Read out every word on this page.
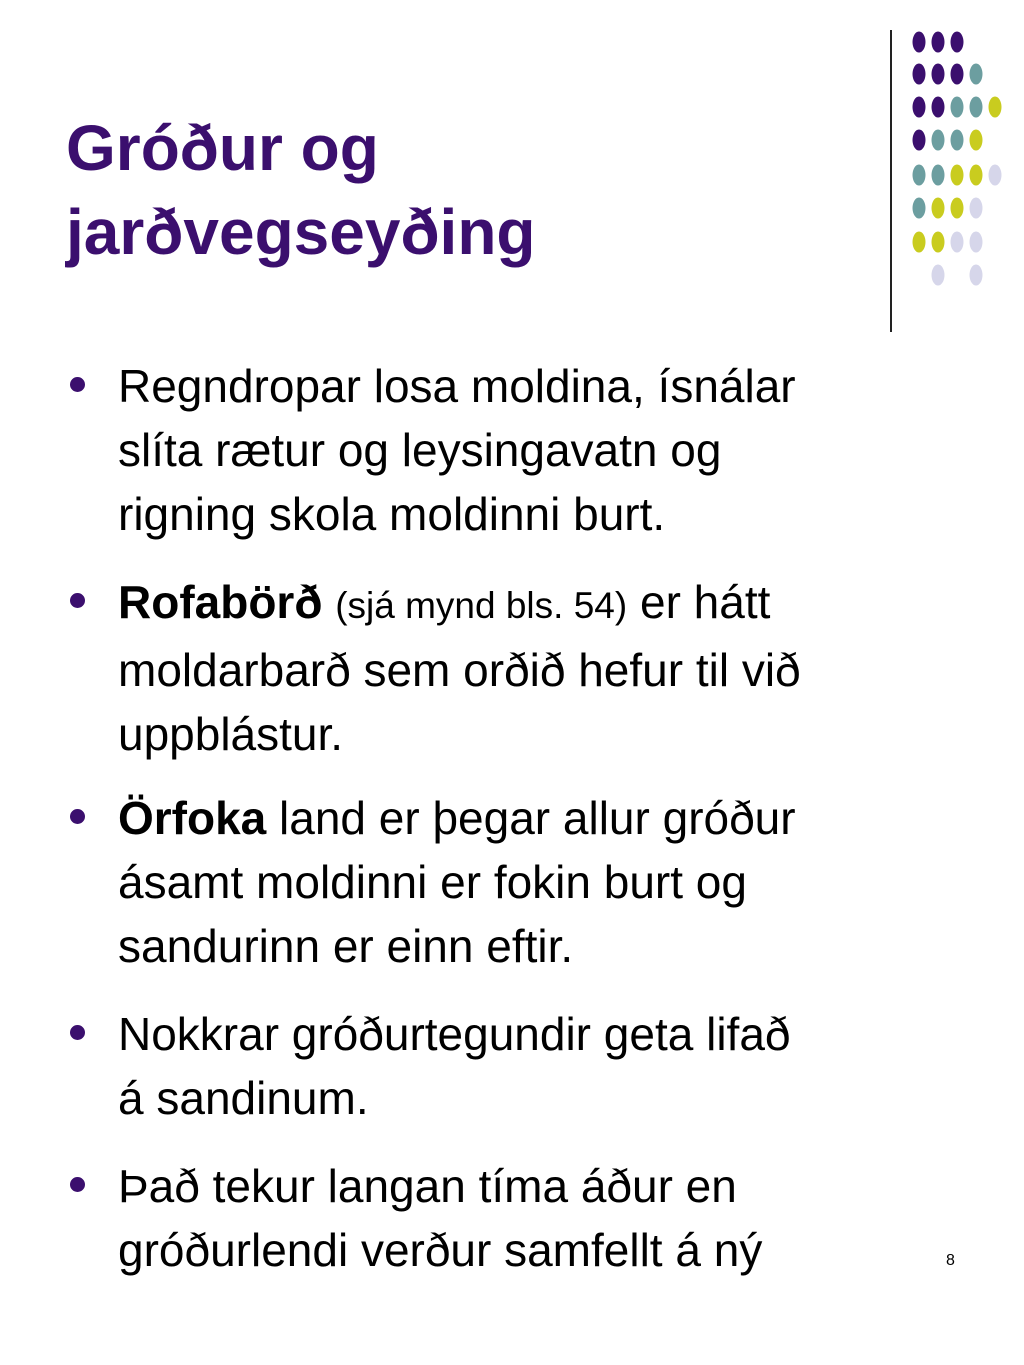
Gróður og
jarðvegseyðing
Regndropar losa moldina, ísnálar
slíta rætur og leysingavatn og
rigning skola moldinni burt.
Rofabörð (sjá mynd bls. 54) er hátt
moldarbarð sem orðið hefur til við
uppblástur.
Örfoka land er þegar allur gróður
ásamt moldinni er fokin burt og
sandurinn er einn eftir.
Nokkrar gróðurtegundir geta lifað
á sandinum.
Það tekur langan tíma áður en
gróðurlendi verður samfellt á ný	8
